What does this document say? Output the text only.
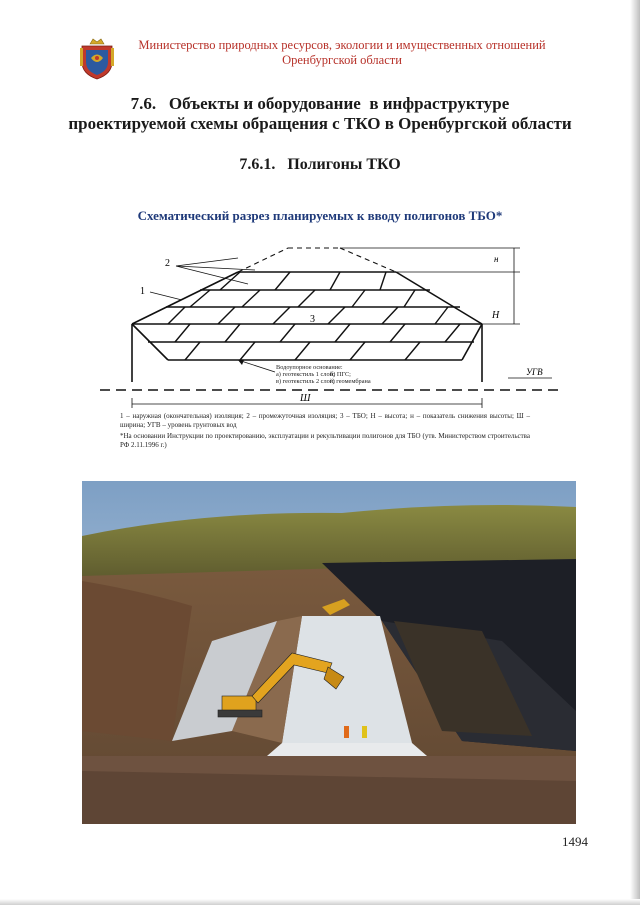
Министерство природных ресурсов, экологии и имущественных отношений
Оренбургской области
7.6.   Объекты и оборудование  в инфраструктуре
проектируемой схемы обращения с ТКО в Оренбургской области
7.6.1.   Полигоны ТКО
Схематический разрез планируемых к вводу полигонов ТБО*
н
Н
2
1
3
Водоупорное основание:
а) геотекстиль 1 слой;
б) ПГС;
в) геотекстиль 2 слой;
г) геомембрана
УГВ
Ш
1 – наружная (окончательная) изоляция; 2 – промежуточная изоляция; 3 – ТБО; Н – высота; н – показатель снижения высоты; Ш – ширина; УГВ – уровень грунтовых вод
*На основании Инструкции по проектированию, эксплуатации и рекультивации полигонов для ТБО (утв. Министерством строительства РФ 2.11.1996 г.)
1494
